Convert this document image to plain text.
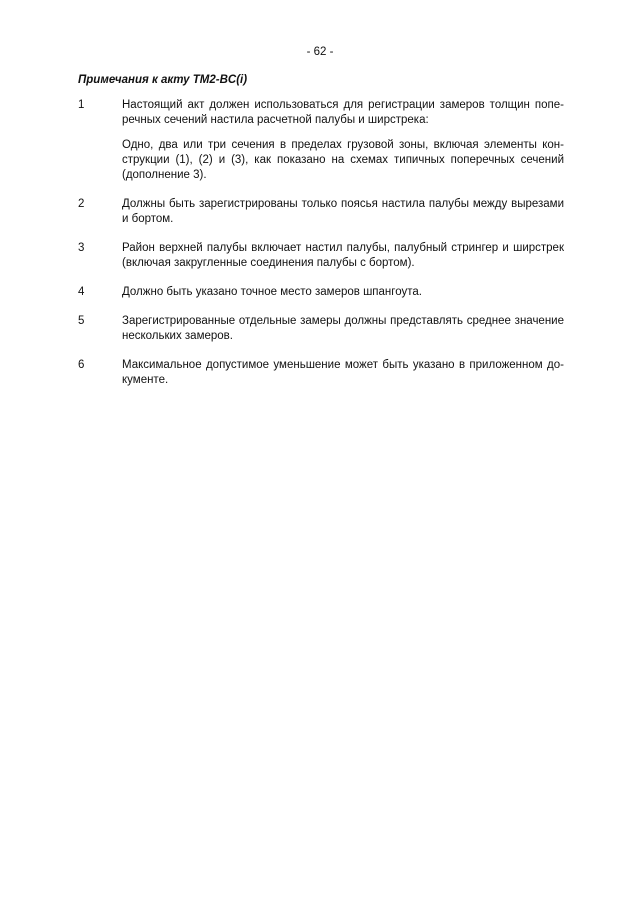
- 62 -
Примечания к акту TM2-BC(i)
1	Настоящий акт должен использоваться для регистрации замеров толщин поперечных сечений настила расчетной палубы и ширстрека:

Одно, два или три сечения в пределах грузовой зоны, включая элементы конструкции (1), (2) и (3), как показано на схемах типичных поперечных сечений (дополнение 3).

2	Должны быть зарегистрированы только поясья настила палубы между вырезами и бортом.

3	Район верхней палубы включает настил палубы, палубный стрингер и ширстрек (включая закругленные соединения палубы с бортом).

4	Должно быть указано точное место замеров шпангоута.

5	Зарегистрированные отдельные замеры должны представлять среднее значение нескольких замеров.

6	Максимальное допустимое уменьшение может быть указано в приложенном документе.
